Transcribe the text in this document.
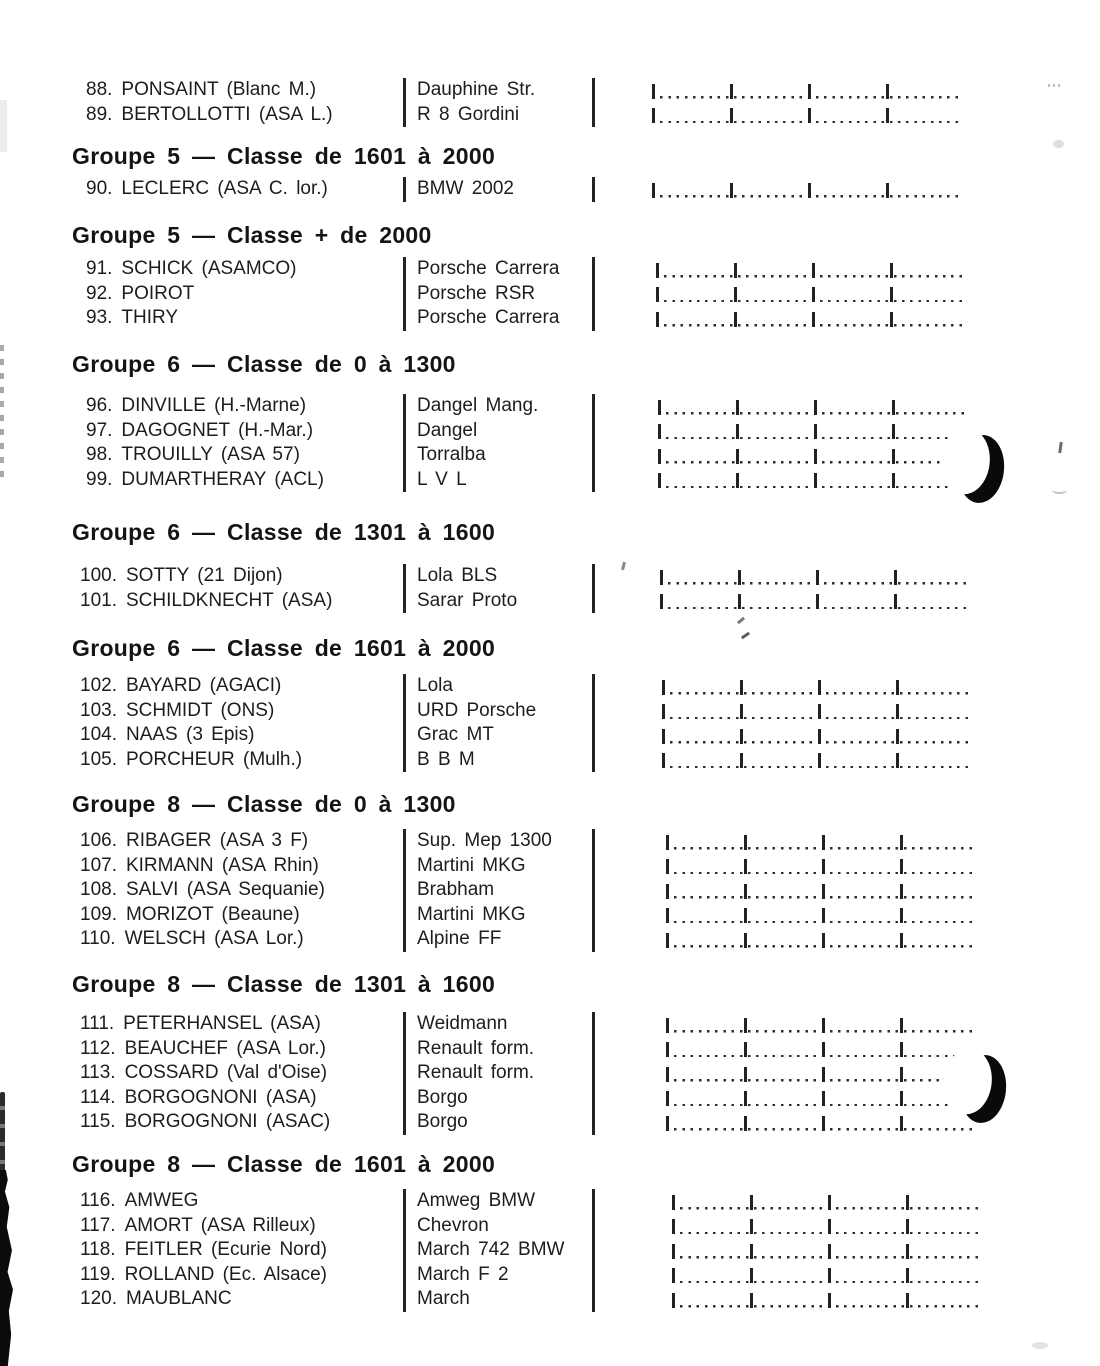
88. PONSAINT (Blanc M.)
89. BERTOLLOTTI (ASA L.)
Dauphine Str.
R 8 Gordini
Groupe 5 — Classe de 1601 à 2000
90. LECLERC (ASA C. lor.)	BMW 2002
Groupe 5 — Classe + de 2000
91. SCHICK (ASAMCO)
92. POIROT
93. THIRY
Porsche Carrera
Porsche RSR
Porsche Carrera
Groupe 6 — Classe de 0 à 1300
96. DINVILLE (H.-Marne)
97. DAGOGNET (H.-Mar.)
98. TROUILLY (ASA 57)
99. DUMARTHERAY (ACL)
Dangel Mang.
Dangel
Torralba
L V L
Groupe 6 — Classe de 1301 à 1600
100. SOTTY (21 Dijon)
101. SCHILDKNECHT (ASA)
Lola BLS
Sarar Proto
Groupe 6 — Classe de 1601 à 2000
102. BAYARD (AGACI)
103. SCHMIDT (ONS)
104. NAAS (3 Epis)
105. PORCHEUR (Mulh.)
Lola
URD Porsche
Grac MT
B B M
Groupe 8 — Classe de 0 à 1300
106. RIBAGER (ASA 3 F)
107. KIRMANN (ASA Rhin)
108. SALVI (ASA Sequanie)
109. MORIZOT (Beaune)
110. WELSCH (ASA Lor.)
Sup. Mep 1300
Martini MKG
Brabham
Martini MKG
Alpine FF
Groupe 8 — Classe de 1301 à 1600
111. PETERHANSEL (ASA)
112. BEAUCHEF (ASA Lor.)
113. COSSARD (Val d'Oise)
114. BORGOGNONI (ASA)
115. BORGOGNONI (ASAC)
Weidmann
Renault form.
Renault form.
Borgo
Borgo
Groupe 8 — Classe de 1601 à 2000
116. AMWEG
117. AMORT (ASA Rilleux)
118. FEITLER (Ecurie Nord)
119. ROLLAND (Ec. Alsace)
120. MAUBLANC
Amweg BMW
Chevron
March 742 BMW
March F 2
March
